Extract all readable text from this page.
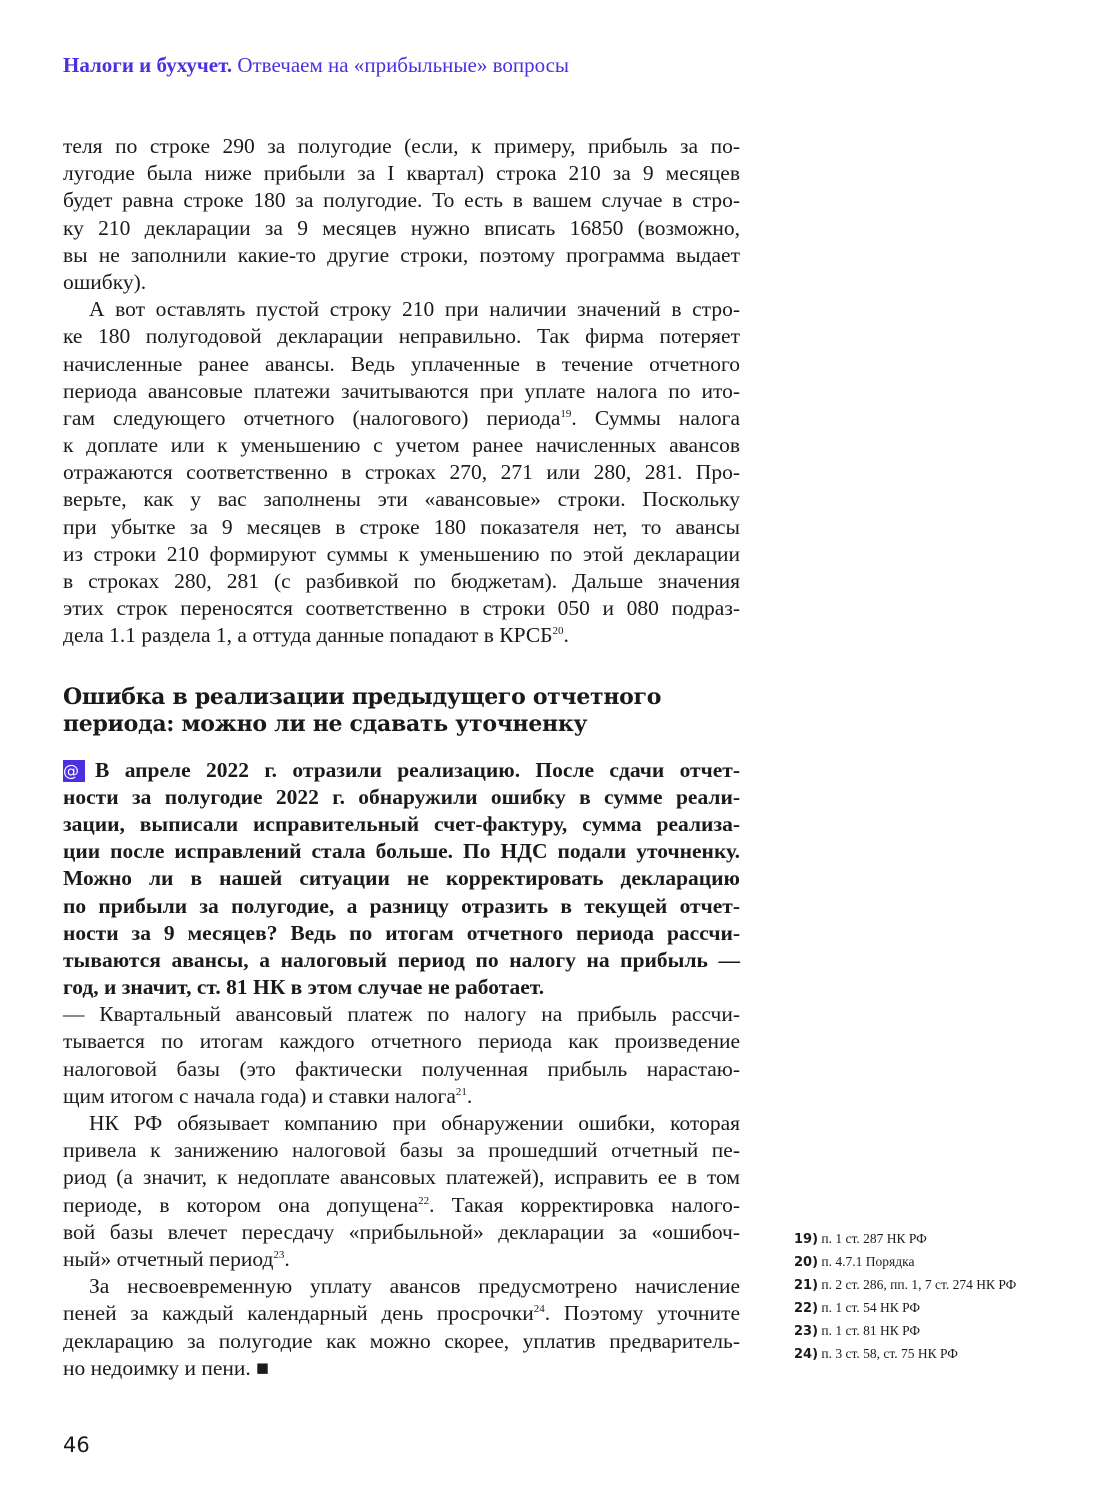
Налоги и бухучет. Отвечаем на «прибыльные» вопросы
теля по строке 290 за полугодие (если, к примеру, прибыль за по-
лугодие была ниже прибыли за I квартал) строка 210 за 9 месяцев
будет равна строке 180 за полугодие. То есть в вашем случае в стро-
ку 210 декларации за 9 месяцев нужно вписать 16850 (возможно,
вы не заполнили какие-то другие строки, поэтому программа выдает
ошибку).
А вот оставлять пустой строку 210 при наличии значений в стро-
ке 180 полугодовой декларации неправильно. Так фирма потеряет
начисленные ранее авансы. Ведь уплаченные в течение отчетного
периода авансовые платежи зачитываются при уплате налога по ито-
гам следующего отчетного (налогового) периода$^{19}$. Суммы налога
к доплате или к уменьшению с учетом ранее начисленных авансов
отражаются соответственно в строках 270, 271 или 280, 281. Про-
верьте, как у вас заполнены эти «авансовые» строки. Поскольку
при убытке за 9 месяцев в строке 180 показателя нет, то авансы
из строки 210 формируют суммы к уменьшению по этой декларации
в строках 280, 281 (с разбивкой по бюджетам). Дальше значения
этих строк переносятся соответственно в строки 050 и 080 подраз-
дела 1.1 раздела 1, а оттуда данные попадают в КРСБ$^{20}$.
Ошибка в реализации предыдущего отчетного
периода: можно ли не сдавать уточненку
@ В апреле 2022 г. отразили реализацию. После сдачи отчет-
ности за полугодие 2022 г. обнаружили ошибку в сумме реали-
зации, выписали исправительный счет-фактуру, сумма реализа-
ции после исправлений стала больше. По НДС подали уточненку.
Можно ли в нашей ситуации не корректировать декларацию
по прибыли за полугодие, а разницу отразить в текущей отчет-
ности за 9 месяцев? Ведь по итогам отчетного периода рассчи-
тываются авансы, а налоговый период по налогу на прибыль —
год, и значит, ст. 81 НК в этом случае не работает.
— Квартальный авансовый платеж по налогу на прибыль рассчи-
тывается по итогам каждого отчетного периода как произведение
налоговой базы (это фактически полученная прибыль нарастаю-
щим итогом с начала года) и ставки налога$^{21}$.
НК РФ обязывает компанию при обнаружении ошибки, которая
привела к занижению налоговой базы за прошедший отчетный пе-
риод (а значит, к недоплате авансовых платежей), исправить ее в том
периоде, в котором она допущена$^{22}$. Такая корректировка налого-
вой базы влечет пересдачу «прибыльной» декларации за «ошибоч-
ный» отчетный период$^{23}$.
За несвоевременную уплату авансов предусмотрено начисление
пеней за каждый календарный день просрочки$^{24}$. Поэтому уточните
декларацию за полугодие как можно скорее, уплатив предваритель-
но недоимку и пени. ■
19) п. 1 ст. 287 НК РФ
20) п. 4.7.1 Порядка
21) п. 2 ст. 286, пп. 1, 7 ст. 274 НК РФ
22) п. 1 ст. 54 НК РФ
23) п. 1 ст. 81 НК РФ
24) п. 3 ст. 58, ст. 75 НК РФ
46
